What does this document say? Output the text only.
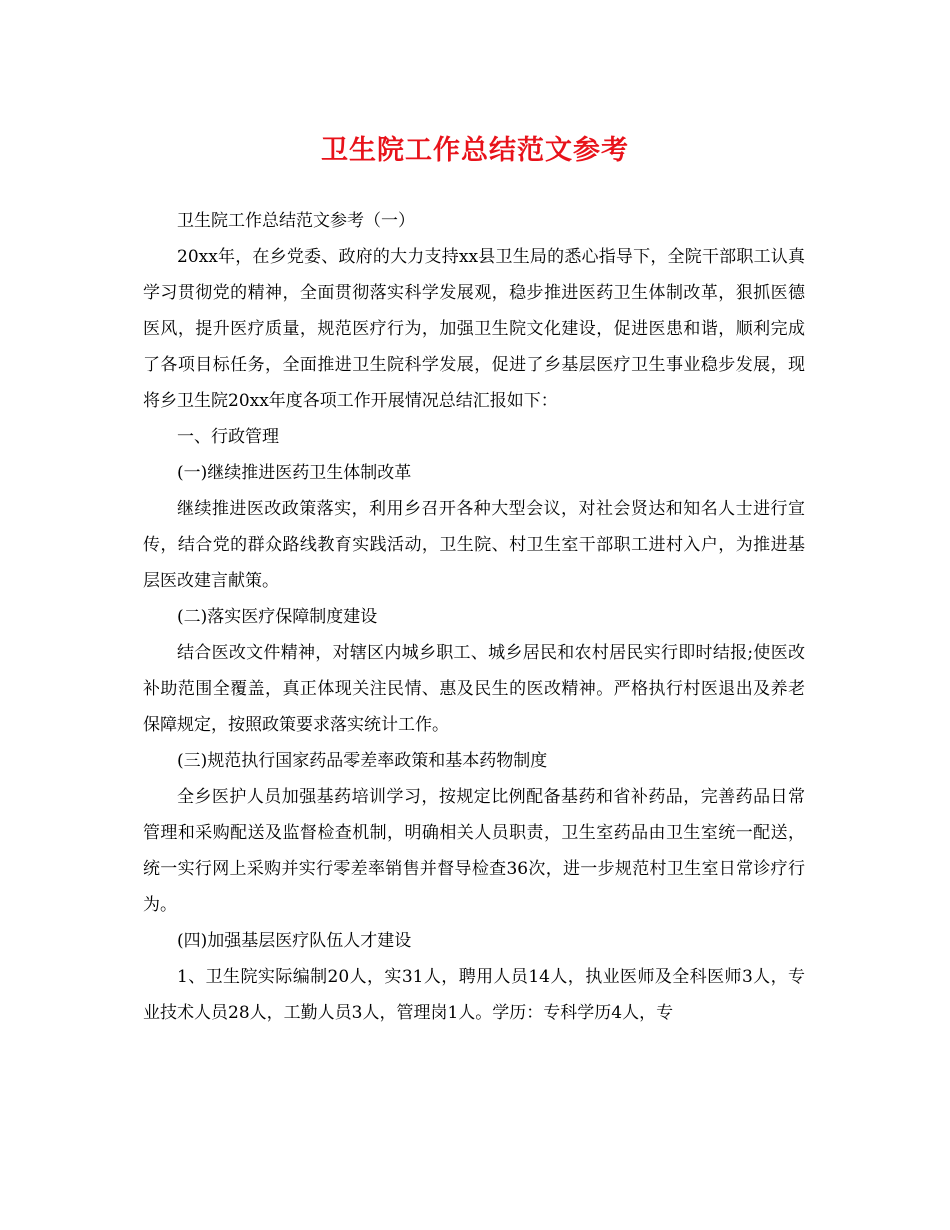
卫生院工作总结范文参考

卫生院工作总结范文参考（一）

20xx年，在乡党委、政府的大力支持xx县卫生局的悉心指导下，全院干部职工认真学习贯彻党的精神，全面贯彻落实科学发展观，稳步推进医药卫生体制改革，狠抓医德医风，提升医疗质量，规范医疗行为，加强卫生院文化建设，促进医患和谐，顺利完成了各项目标任务，全面推进卫生院科学发展，促进了乡基层医疗卫生事业稳步发展，现将乡卫生院20xx年度各项工作开展情况总结汇报如下：

一、行政管理

(一)继续推进医药卫生体制改革

继续推进医改政策落实，利用乡召开各种大型会议，对社会贤达和知名人士进行宣传，结合党的群众路线教育实践活动，卫生院、村卫生室干部职工进村入户，为推进基层医改建言献策。

(二)落实医疗保障制度建设

结合医改文件精神，对辖区内城乡职工、城乡居民和农村居民实行即时结报;使医改补助范围全覆盖，真正体现关注民情、惠及民生的医改精神。严格执行村医退出及养老保障规定，按照政策要求落实统计工作。

(三)规范执行国家药品零差率政策和基本药物制度

全乡医护人员加强基药培训学习，按规定比例配备基药和省补药品，完善药品日常管理和采购配送及监督检查机制，明确相关人员职责，卫生室药品由卫生室统一配送，统一实行网上采购并实行零差率销售并督导检查36次，进一步规范村卫生室日常诊疗行为。

(四)加强基层医疗队伍人才建设

1、卫生院实际编制20人，实31人，聘用人员14人，执业医师及全科医师3人，专业技术人员28人，工勤人员3人，管理岗1人。学历：专科学历4人，专
